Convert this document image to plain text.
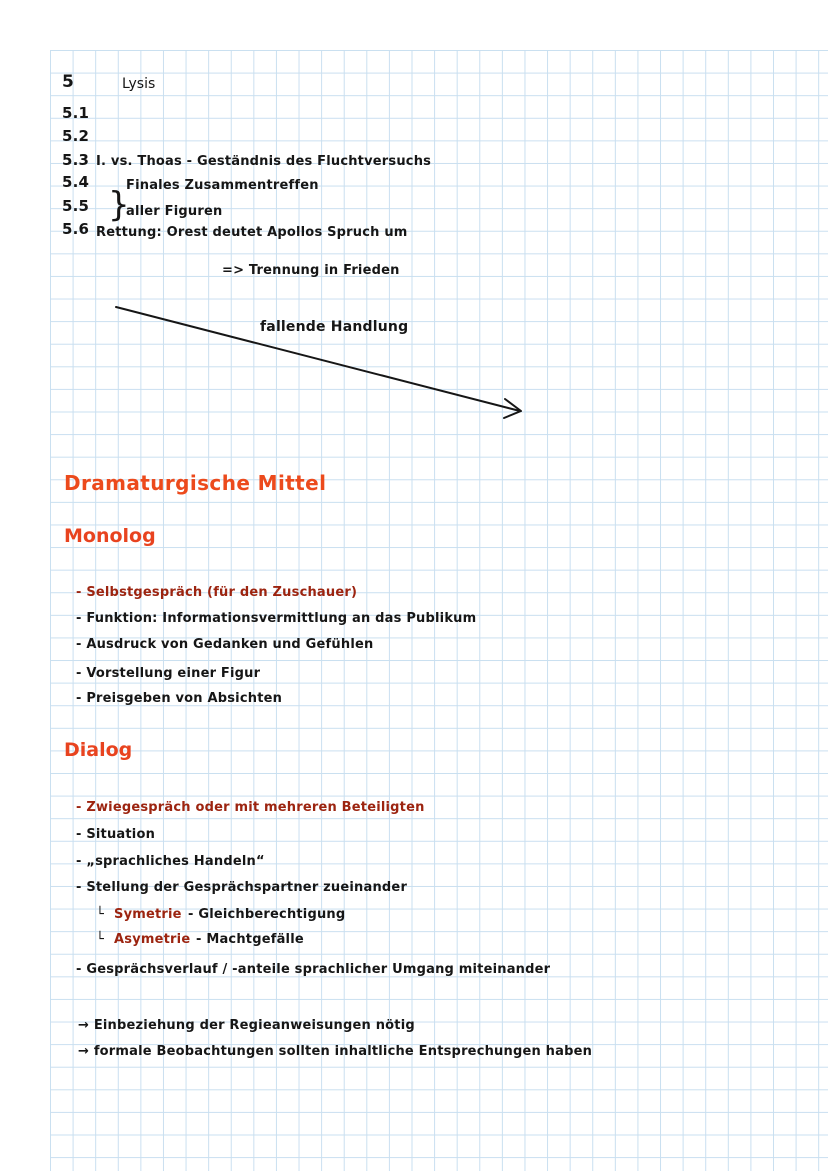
5	Lysis
5.1
5.2
5.3 I. vs. Thoas - Geständnis des Fluchtversuchs
5.4	Finales Zusammentreffen
}
5.5	aller Figuren
5.6 Rettung: Orest deutet Apollos Spruch um
=> Trennung in Frieden
fallende Handlung
Dramaturgische Mittel
Monolog
- Selbstgespräch (für den Zuschauer)
- Funktion: Informationsvermittlung an das Publikum
- Ausdruck von Gedanken und Gefühlen
- Vorstellung einer Figur
- Preisgeben von Absichten
Dialog
- Zwiegespräch oder mit mehreren Beteiligten
- Situation
- „sprachliches Handeln“
- Stellung der Gesprächspartner zueinander
└ Symetrie - Gleichberechtigung
└ Asymetrie - Machtgefälle
- Gesprächsverlauf / -anteile sprachlicher Umgang miteinander
→ Einbeziehung der Regieanweisungen nötig
→ formale Beobachtungen sollten inhaltliche Entsprechungen haben
